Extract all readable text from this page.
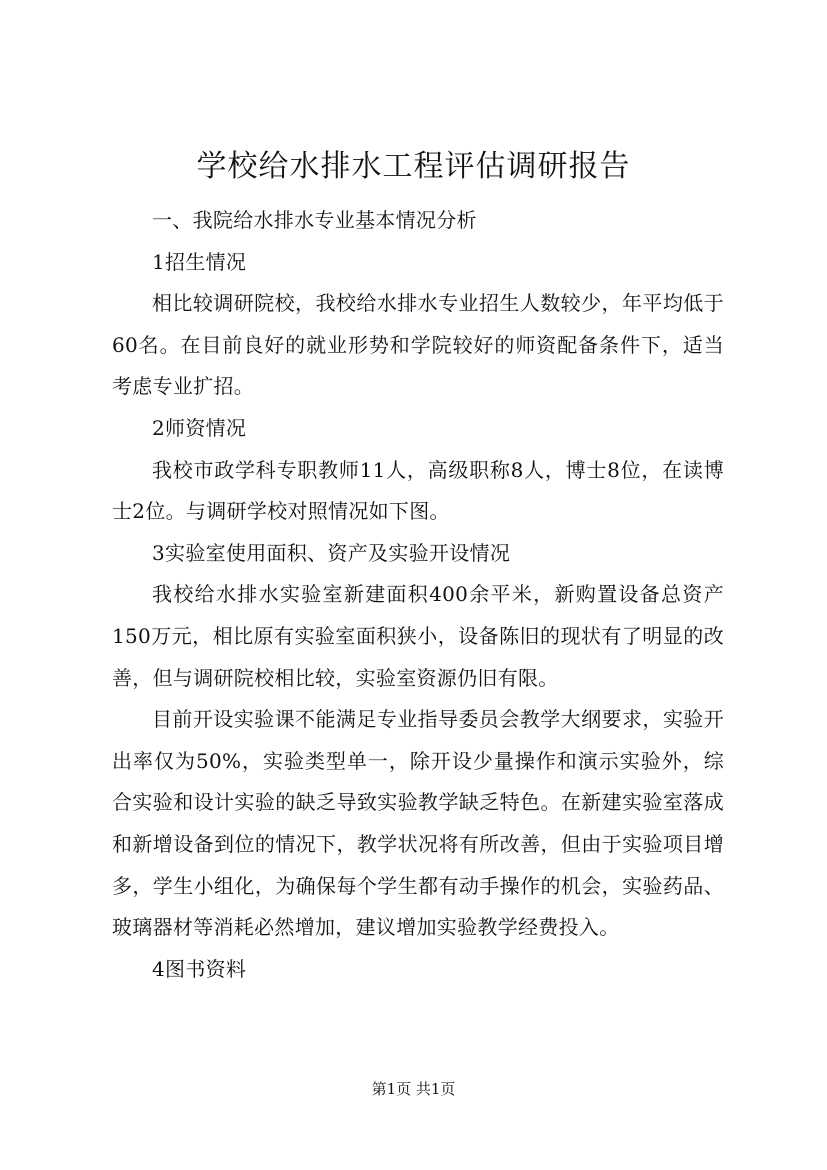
学校给水排水工程评估调研报告

一、我院给水排水专业基本情况分析

1招生情况

相比较调研院校，我校给水排水专业招生人数较少，年平均低于60名。在目前良好的就业形势和学院较好的师资配备条件下，适当考虑专业扩招。

2师资情况

我校市政学科专职教师11人，高级职称8人，博士8位，在读博士2位。与调研学校对照情况如下图。

3实验室使用面积、资产及实验开设情况

我校给水排水实验室新建面积400余平米，新购置设备总资产150万元，相比原有实验室面积狭小，设备陈旧的现状有了明显的改善，但与调研院校相比较，实验室资源仍旧有限。

目前开设实验课不能满足专业指导委员会教学大纲要求，实验开出率仅为50%，实验类型单一，除开设少量操作和演示实验外，综合实验和设计实验的缺乏导致实验教学缺乏特色。在新建实验室落成和新增设备到位的情况下，教学状况将有所改善，但由于实验项目增多，学生小组化，为确保每个学生都有动手操作的机会，实验药品、玻璃器材等消耗必然增加，建议增加实验教学经费投入。

4图书资料

第1页 共1页
